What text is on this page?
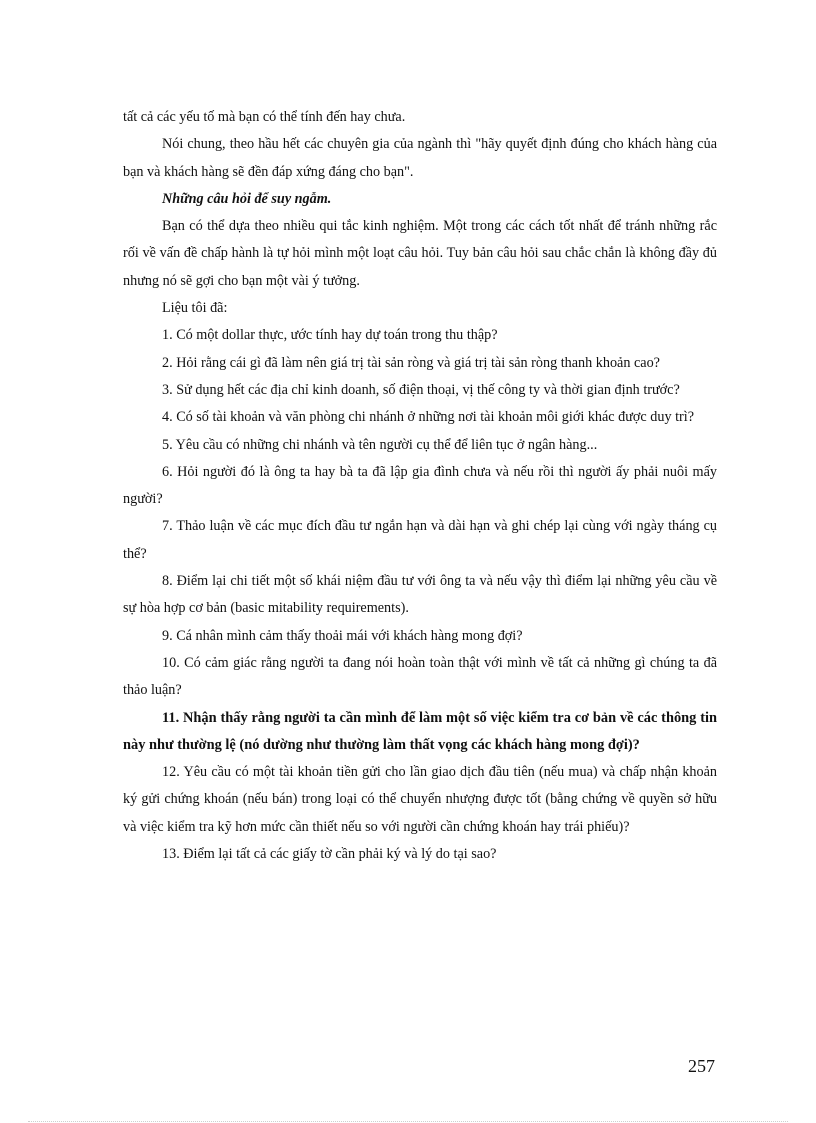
tất cả các yếu tố mà bạn có thể tính đến hay chưa.

Nói chung, theo hầu hết các chuyên gia của ngành thì "hãy quyết định đúng cho khách hàng của bạn và khách hàng sẽ đền đáp xứng đáng cho bạn".

Những câu hỏi để suy ngẫm.

Bạn có thể dựa theo nhiều qui tắc kinh nghiệm. Một trong các cách tốt nhất để tránh những rắc rối về vấn đề chấp hành là tự hỏi mình một loạt câu hỏi. Tuy bản câu hỏi sau chắc chắn là không đầy đủ nhưng nó sẽ gợi cho bạn một vài ý tưởng.

Liệu tôi đã:

1. Có một dollar thực, ước tính hay dự toán trong thu thập?

2. Hỏi rằng cái gì đã làm nên giá trị tài sản ròng và giá trị tài sản ròng thanh khoản cao?

3. Sử dụng hết các địa chỉ kinh doanh, số điện thoại, vị thế công ty và thời gian định trước?

4. Có số tài khoản và văn phòng chi nhánh ở những nơi tài khoản môi giới khác được duy trì?

5. Yêu cầu có những chi nhánh và tên người cụ thể để liên tục ở ngân hàng...

6. Hỏi người đó là ông ta hay bà ta đã lập gia đình chưa và nếu rồi thì người ấy phải nuôi mấy người?

7. Thảo luận về các mục đích đầu tư ngắn hạn và dài hạn và ghi chép lại cùng với ngày tháng cụ thể?

8. Điểm lại chi tiết một số khái niệm đầu tư với ông ta và nếu vậy thì điểm lại những yêu cầu về sự hòa hợp cơ bản (basic mitability requirements).

9. Cá nhân mình cảm thấy thoải mái với khách hàng mong đợi?

10. Có cảm giác rằng người ta đang nói hoàn toàn thật với mình về tất cả những gì chúng ta đã thảo luận?

11. Nhận thấy rằng người ta cần mình để làm một số việc kiểm tra cơ bản về các thông tin này như thường lệ (nó dường như thường làm thất vọng các khách hàng mong đợi)?

12. Yêu cầu có một tài khoản tiền gửi cho lần giao dịch đầu tiên (nếu mua) và chấp nhận khoản ký gửi chứng khoán (nếu bán) trong loại có thể chuyển nhượng được tốt (bằng chứng về quyền sở hữu và việc kiểm tra kỹ hơn mức cần thiết nếu so với người cần chứng khoán hay trái phiếu)?

13. Điểm lại tất cả các giấy tờ cần phải ký và lý do tại sao?

257
